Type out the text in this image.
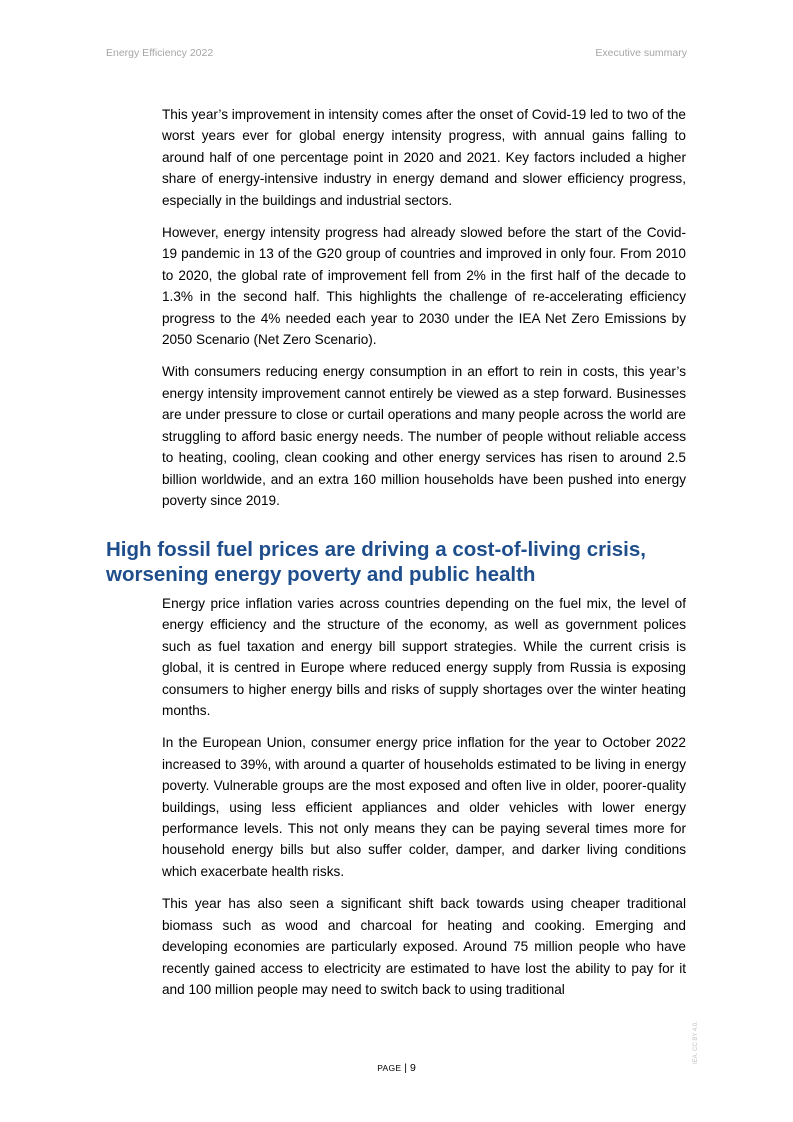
Energy Efficiency 2022	Executive summary

This year’s improvement in intensity comes after the onset of Covid-19 led to two of the worst years ever for global energy intensity progress, with annual gains falling to around half of one percentage point in 2020 and 2021. Key factors included a higher share of energy-intensive industry in energy demand and slower efficiency progress, especially in the buildings and industrial sectors.

However, energy intensity progress had already slowed before the start of the Covid-19 pandemic in 13 of the G20 group of countries and improved in only four. From 2010 to 2020, the global rate of improvement fell from 2% in the first half of the decade to 1.3% in the second half. This highlights the challenge of re-accelerating efficiency progress to the 4% needed each year to 2030 under the IEA Net Zero Emissions by 2050 Scenario (Net Zero Scenario).

With consumers reducing energy consumption in an effort to rein in costs, this year’s energy intensity improvement cannot entirely be viewed as a step forward. Businesses are under pressure to close or curtail operations and many people across the world are struggling to afford basic energy needs. The number of people without reliable access to heating, cooling, clean cooking and other energy services has risen to around 2.5 billion worldwide, and an extra 160 million households have been pushed into energy poverty since 2019.

High fossil fuel prices are driving a cost-of-living crisis,
worsening energy poverty and public health

Energy price inflation varies across countries depending on the fuel mix, the level of energy efficiency and the structure of the economy, as well as government polices such as fuel taxation and energy bill support strategies. While the current crisis is global, it is centred in Europe where reduced energy supply from Russia is exposing consumers to higher energy bills and risks of supply shortages over the winter heating months.

In the European Union, consumer energy price inflation for the year to October 2022 increased to 39%, with around a quarter of households estimated to be living in energy poverty. Vulnerable groups are the most exposed and often live in older, poorer-quality buildings, using less efficient appliances and older vehicles with lower energy performance levels. This not only means they can be paying several times more for household energy bills but also suffer colder, damper, and darker living conditions which exacerbate health risks.

This year has also seen a significant shift back towards using cheaper traditional biomass such as wood and charcoal for heating and cooking. Emerging and developing economies are particularly exposed. Around 75 million people who have recently gained access to electricity are estimated to have lost the ability to pay for it and 100 million people may need to switch back to using traditional

PAGE | 9
IEA. CC BY 4.0.
